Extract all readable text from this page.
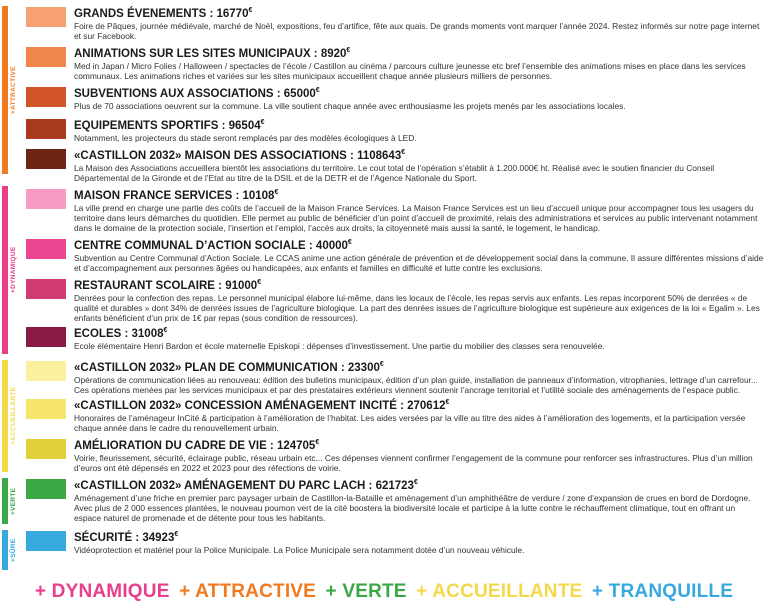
+ATTRACTIVE
+DYNAMIQUE
+ACCUEILLANTE
+VERTE
+SÛRE
GRANDS ÉVENEMENTS : 16770€
Foire de Pâques, journée médiévale, marché de Noël, expositions, feu d’artifice, fête aux quais. De grands moments vont marquer l’année 2024. Restez informés sur notre page internet et sur Facebook.
ANIMATIONS SUR LES SITES MUNICIPAUX : 8920€
Med in Japan / Micro Folies / Halloween / spectacles de l’école / Castillon au cinéma / parcours culture jeunesse etc bref l’ensemble des animations mises en place dans les services communaux. Les animations riches et variées sur les sites municipaux accueillent chaque année plusieurs milliers de personnes.
SUBVENTIONS AUX ASSOCIATIONS : 65000€
Plus de 70 associations oeuvrent sur la commune. La ville soutient chaque année avec enthousiasme les projets menés par les associations locales.
EQUIPEMENTS SPORTIFS : 96504€
Notamment, les projecteurs du stade seront remplacés par des modèles écologiques à LED.
«CASTILLON 2032» MAISON DES ASSOCIATIONS : 1108643€
La Maison des Associations accueillera bientôt les associations du territoire. Le cout total de l’opération s’établit à 1.200.000€ ht. Réalisé avec le soutien financier du Conseil Départemental de la Gironde et de l’Etat au titre de la DSIL et de la DETR et de l’Agence Nationale du Sport.
MAISON FRANCE SERVICES : 10108€
La ville prend en charge une partie des coûts de l’accueil de la Maison France Services. La Maison France Services est un lieu d’accueil unique pour accompagner tous les usagers du territoire dans leurs démarches du quotidien. Elle permet au public de bénéficier d’un point d’accueil de proximité, relais des administrations et services au public intervenant notamment dans le domaine de la protection sociale, l’insertion et l’emploi, l’accès aux droits, la citoyenneté mais aussi la santé, le logement, le handicap.
CENTRE COMMUNAL D’ACTION SOCIALE : 40000€
Subvention au Centre Communal d’Action Sociale. Le CCAS anime une action générale de prévention et de développement social dans la commune. Il assure différentes missions d’aide et d’accompagnement aux personnes âgées ou handicapées, aux enfants et familles en difficulté et lutte contre les exclusions.
RESTAURANT SCOLAIRE : 91000€
Denrées pour la confection des repas. Le personnel municipal élabore lui-même, dans les locaux de l’école, les repas servis aux enfants. Les repas incorporent 50% de denrées « de qualité et durables » dont 34% de denrées issues de l’agriculture biologique. La part des denrées issues de l’agriculture biologique est supérieure aux exigences de la loi « Egalim ». Les enfants bénéficient d’un prix de 1€ par repas (sous condition de ressources).
ECOLES : 31008€
Ecole élémentaire Henri Bardon et école maternelle Episkopi : dépenses d’investissement. Une partie du mobilier des classes sera renouvelée.
«CASTILLON 2032» PLAN DE COMMUNICATION : 23300€
Opérations de communication liées au renouveau: édition des bulletins municipaux, édition d’un plan guide, installation de panneaux d’information, vitrophanies, lettrage d’un carrefour... Ces opérations menées par les services municipaux et par des prestataires extérieurs viennent soutenir l’ancrage territorial et l’utilité sociale des aménagements de l’espace public.
«CASTILLON 2032» CONCESSION AMÉNAGEMENT INCITÉ : 270612€
Honoraires de l’aménageur InCité & participation à l’amélioration de l’habitat. Les aides versées par la ville au titre des aides à l’amélioration des logements, et la participation versée chaque année dans le cadre du renouvellement urbain.
AMÉLIORATION DU CADRE DE VIE : 124705€
Voirie, fleurissement, sécurité, éclairage public, réseau urbain etc... Ces dépenses viennent confirmer l’engagement de la commune pour renforcer ses infrastructures. Plus d’un million d’euros ont été dépensés en 2022 et 2023 pour des réfections de voirie.
«CASTILLON 2032» AMÉNAGEMENT DU PARC LACH : 621723€
Aménagement d’une friche en premier parc paysager urbain de Castillon-la-Bataille et aménagement d’un amphithéâtre de verdure / zone d’expansion de crues en bord de Dordogne. Avec plus de 2 000 essences plantées, le nouveau poumon vert de la cité boostera la biodiversité locale et participe à la lutte contre le réchauffement climatique, tout en offrant un espace naturel de promenade et de détente pour tous les habitants.
SÉCURITÉ : 34923€
Vidéoprotection et matériel pour la Police Municipale. La Police Municipale sera notamment dotée d’un nouveau véhicule.
+ DYNAMIQUE + ATTRACTIVE + VERTE + ACCUEILLANTE + TRANQUILLE
